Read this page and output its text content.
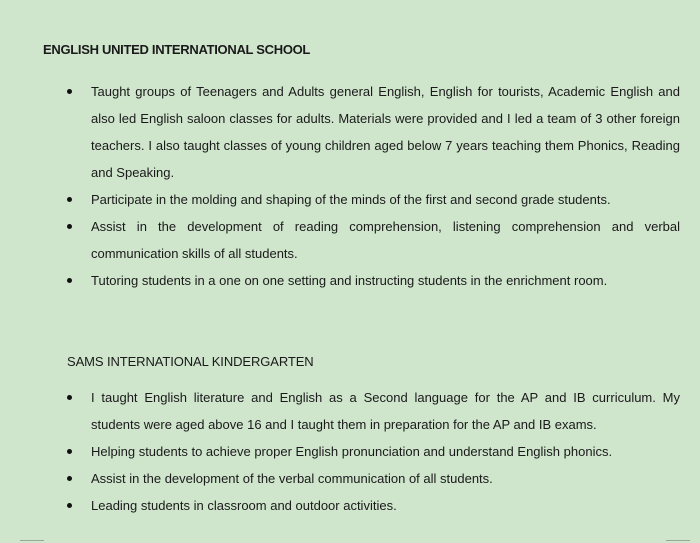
ENGLISH UNITED INTERNATIONAL SCHOOL
Taught groups of Teenagers and Adults general English, English for tourists, Academic English and also led English saloon classes for adults. Materials were provided and I led a team of 3 other foreign teachers. I also taught classes of young children aged below 7 years teaching them Phonics, Reading and Speaking.
Participate in the molding and shaping of the minds of the first and second grade students.
Assist in the development of reading comprehension, listening comprehension and verbal communication skills of all students.
Tutoring students in a one on one setting and instructing students in the enrichment room.
SAMS INTERNATIONAL KINDERGARTEN
I taught English literature and English as a Second language for the AP and IB curriculum. My students were aged above 16 and I taught them in preparation for the AP and IB exams.
Helping students to achieve proper English pronunciation and understand English phonics.
Assist in the development of the verbal communication of all students.
Leading students in classroom and outdoor activities.
